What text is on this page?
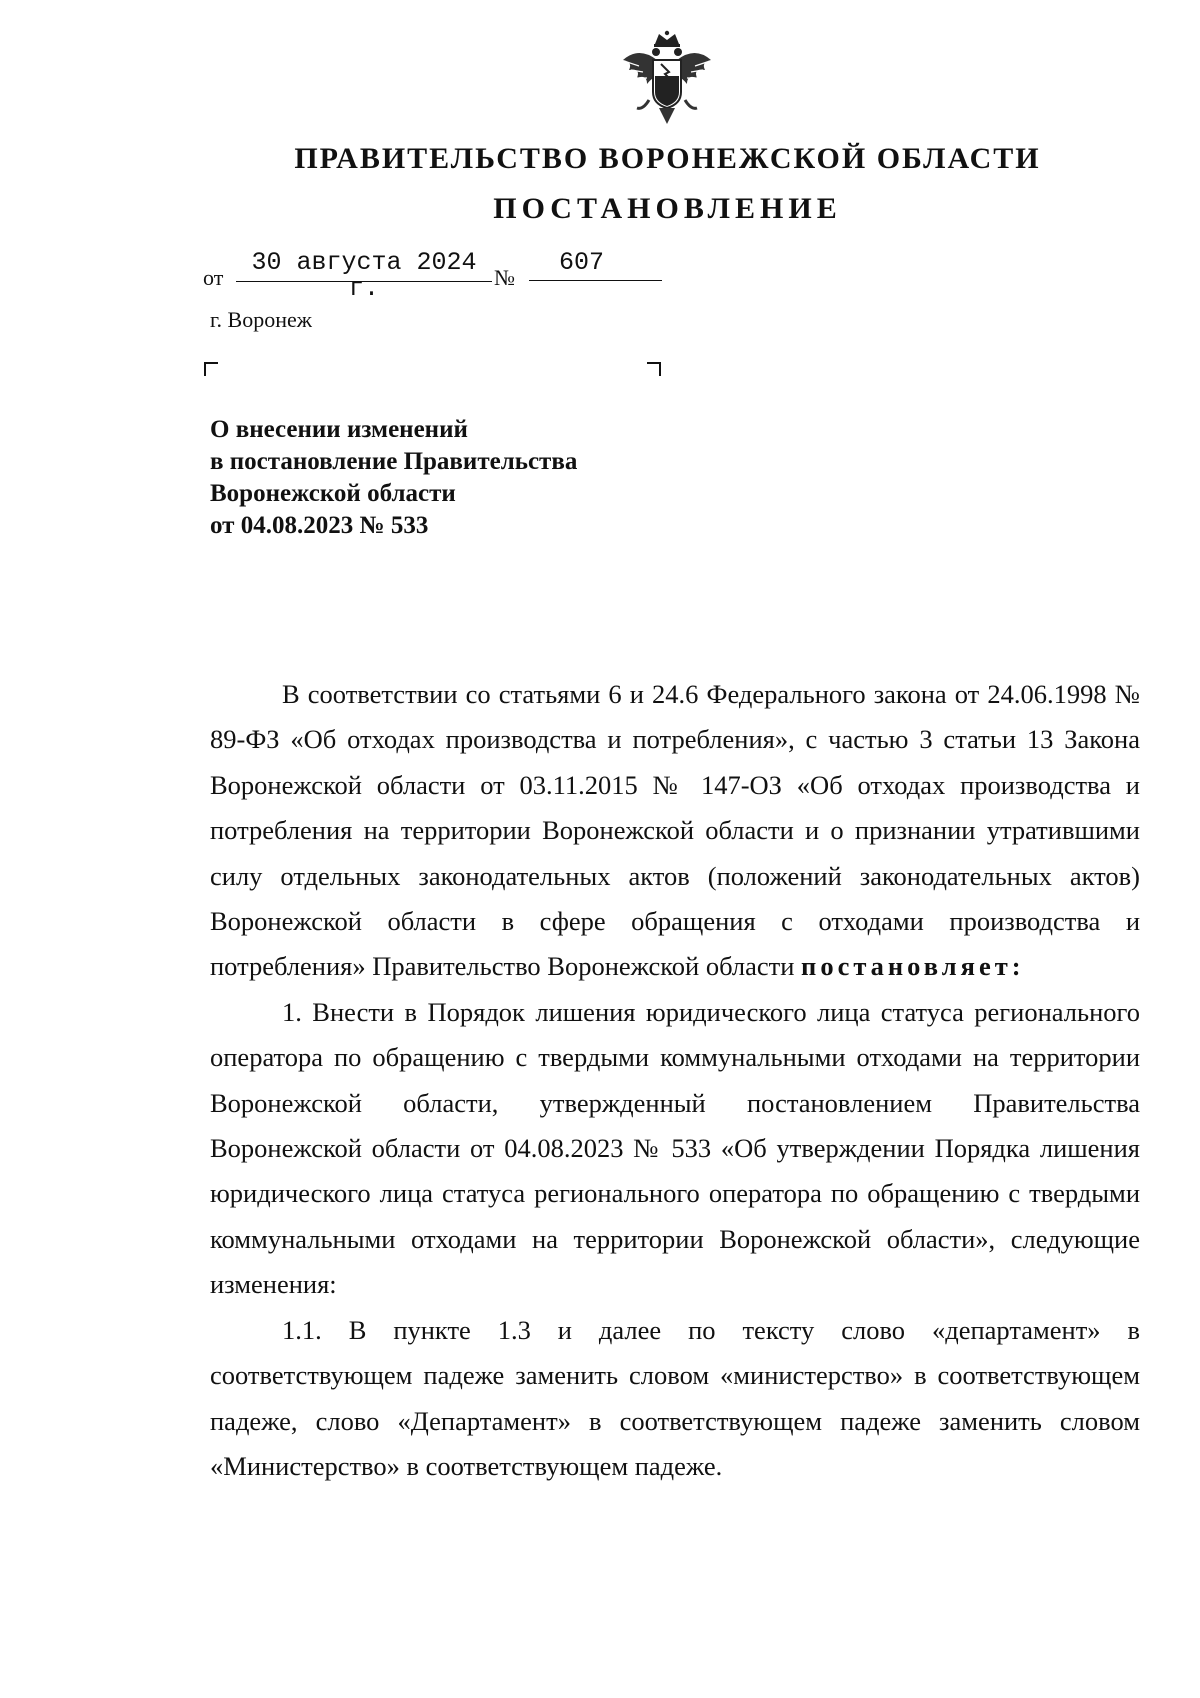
ПРАВИТЕЛЬСТВО ВОРОНЕЖСКОЙ ОБЛАСТИ
ПОСТАНОВЛЕНИЕ
от
30 августа 2024 г.	№
607
г. Воронеж
О внесении изменений
в постановление Правительства
Воронежской области
от 04.08.2023 № 533

В соответствии со статьями 6 и 24.6 Федерального закона от 24.06.1998 № 89-ФЗ «Об отходах производства и потребления», с частью 3 статьи 13 Закона Воронежской области от 03.11.2015 № 147-ОЗ «Об отходах производства и потребления на территории Воронежской области и о признании утратившими силу отдельных законодательных актов (положений законодательных актов) Воронежской области в сфере обращения с отходами производства и потребления» Правительство Воронежской области постановляет:

1. Внести в Порядок лишения юридического лица статуса регионального оператора по обращению с твердыми коммунальными отходами на территории Воронежской области, утвержденный постановлением Правительства Воронежской области от 04.08.2023 № 533 «Об утверждении Порядка лишения юридического лица статуса регионального оператора по обращению с твердыми коммунальными отходами на территории Воронежской области», следующие изменения:

1.1. В пункте 1.3 и далее по тексту слово «департамент» в соответствующем падеже заменить словом «министерство» в соответствующем падеже, слово «Департамент» в соответствующем падеже заменить словом «Министерство» в соответствующем падеже.
